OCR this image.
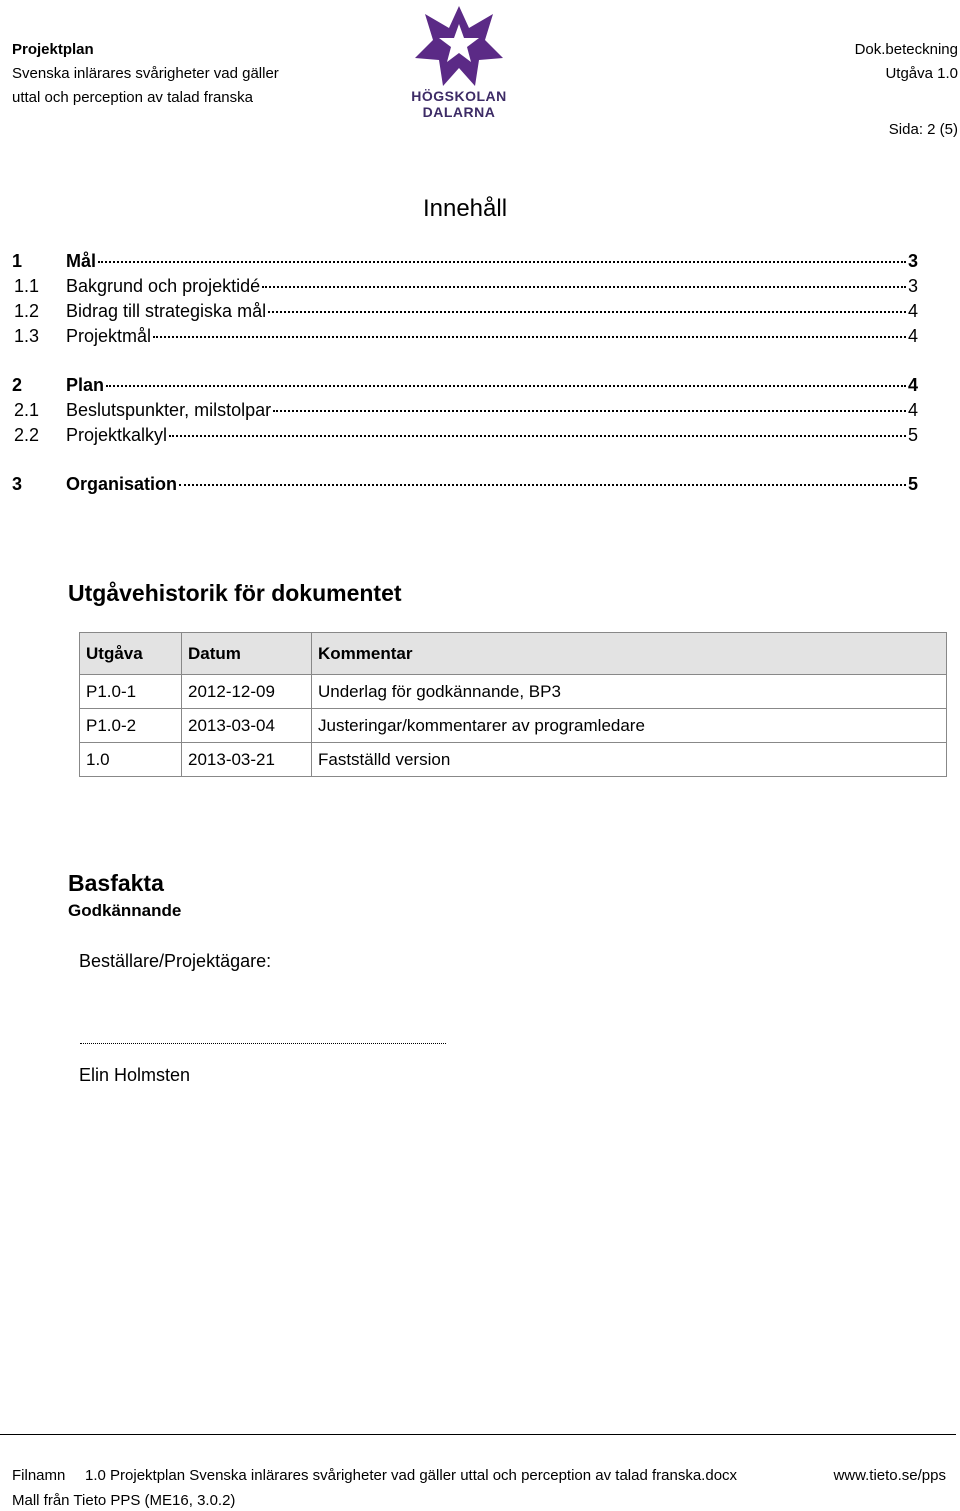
Projektplan
Svenska inlärares svårigheter vad gäller
uttal och perception av talad franska	HÖGSKOLAN
DALARNA
Dok.beteckning
Utgåva 1.0
Sida: 2 (5)
Innehåll
1	Mål	3
1.1	Bakgrund och projektidé	3
1.2	Bidrag till strategiska mål	4
1.3	Projektmål	4
2	Plan	4
2.1	Beslutspunkter, milstolpar	4
2.2	Projektkalkyl	5
3	Organisation	5
Utgåvehistorik för dokumentet
Utgåva	Datum	Kommentar
P1.0-1	2012-12-09	Underlag för godkännande, BP3
P1.0-2	2013-03-04	Justeringar/kommentarer av programledare
1.0	2013-03-21	Fastställd version
Basfakta
Godkännande
Beställare/Projektägare:
Elin Holmsten
Filnamn 1.0 Projektplan Svenska inlärares svårigheter vad gäller uttal och perception av talad franska.docx	www.tieto.se/pps
Mall från Tieto PPS (ME16, 3.0.2)
